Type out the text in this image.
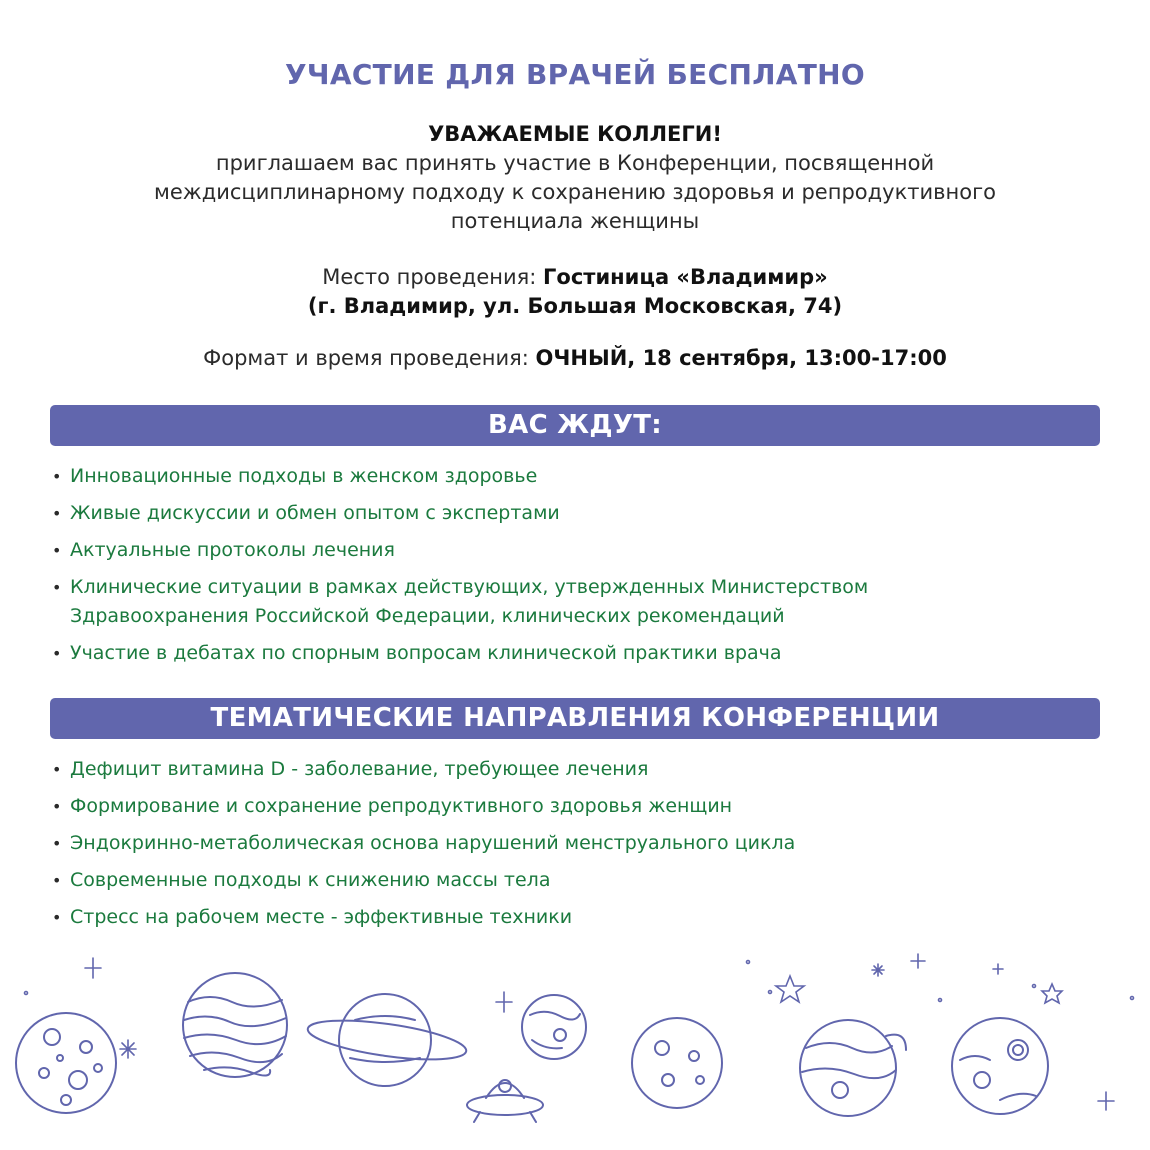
УЧАСТИЕ ДЛЯ ВРАЧЕЙ БЕСПЛАТНО
УВАЖАЕМЫЕ КОЛЛЕГИ!
приглашаем вас принять участие в Конференции, посвященной
междисциплинарному подходу к сохранению здоровья и репродуктивного
потенциала женщины
Место проведения: Гостиница «Владимир»
(г. Владимир, ул. Большая Московская, 74)
Формат и время проведения: ОЧНЫЙ, 18 сентября, 13:00-17:00
ВАС ЖДУТ:
• Инновационные подходы в женском здоровье
• Живые дискуссии и обмен опытом с экспертами
• Актуальные протоколы лечения
• Клинические ситуации в рамках действующих, утвержденных Министерством Здравоохранения Российской Федерации, клинических рекомендаций
• Участие в дебатах по спорным вопросам клинической практики врача
ТЕМАТИЧЕСКИЕ НАПРАВЛЕНИЯ КОНФЕРЕНЦИИ
• Дефицит витамина D - заболевание, требующее лечения
• Формирование и сохранение репродуктивного здоровья женщин
• Эндокринно-метаболическая основа нарушений менструального цикла
• Современные подходы к снижению массы тела
• Стресс на рабочем месте - эффективные техники
